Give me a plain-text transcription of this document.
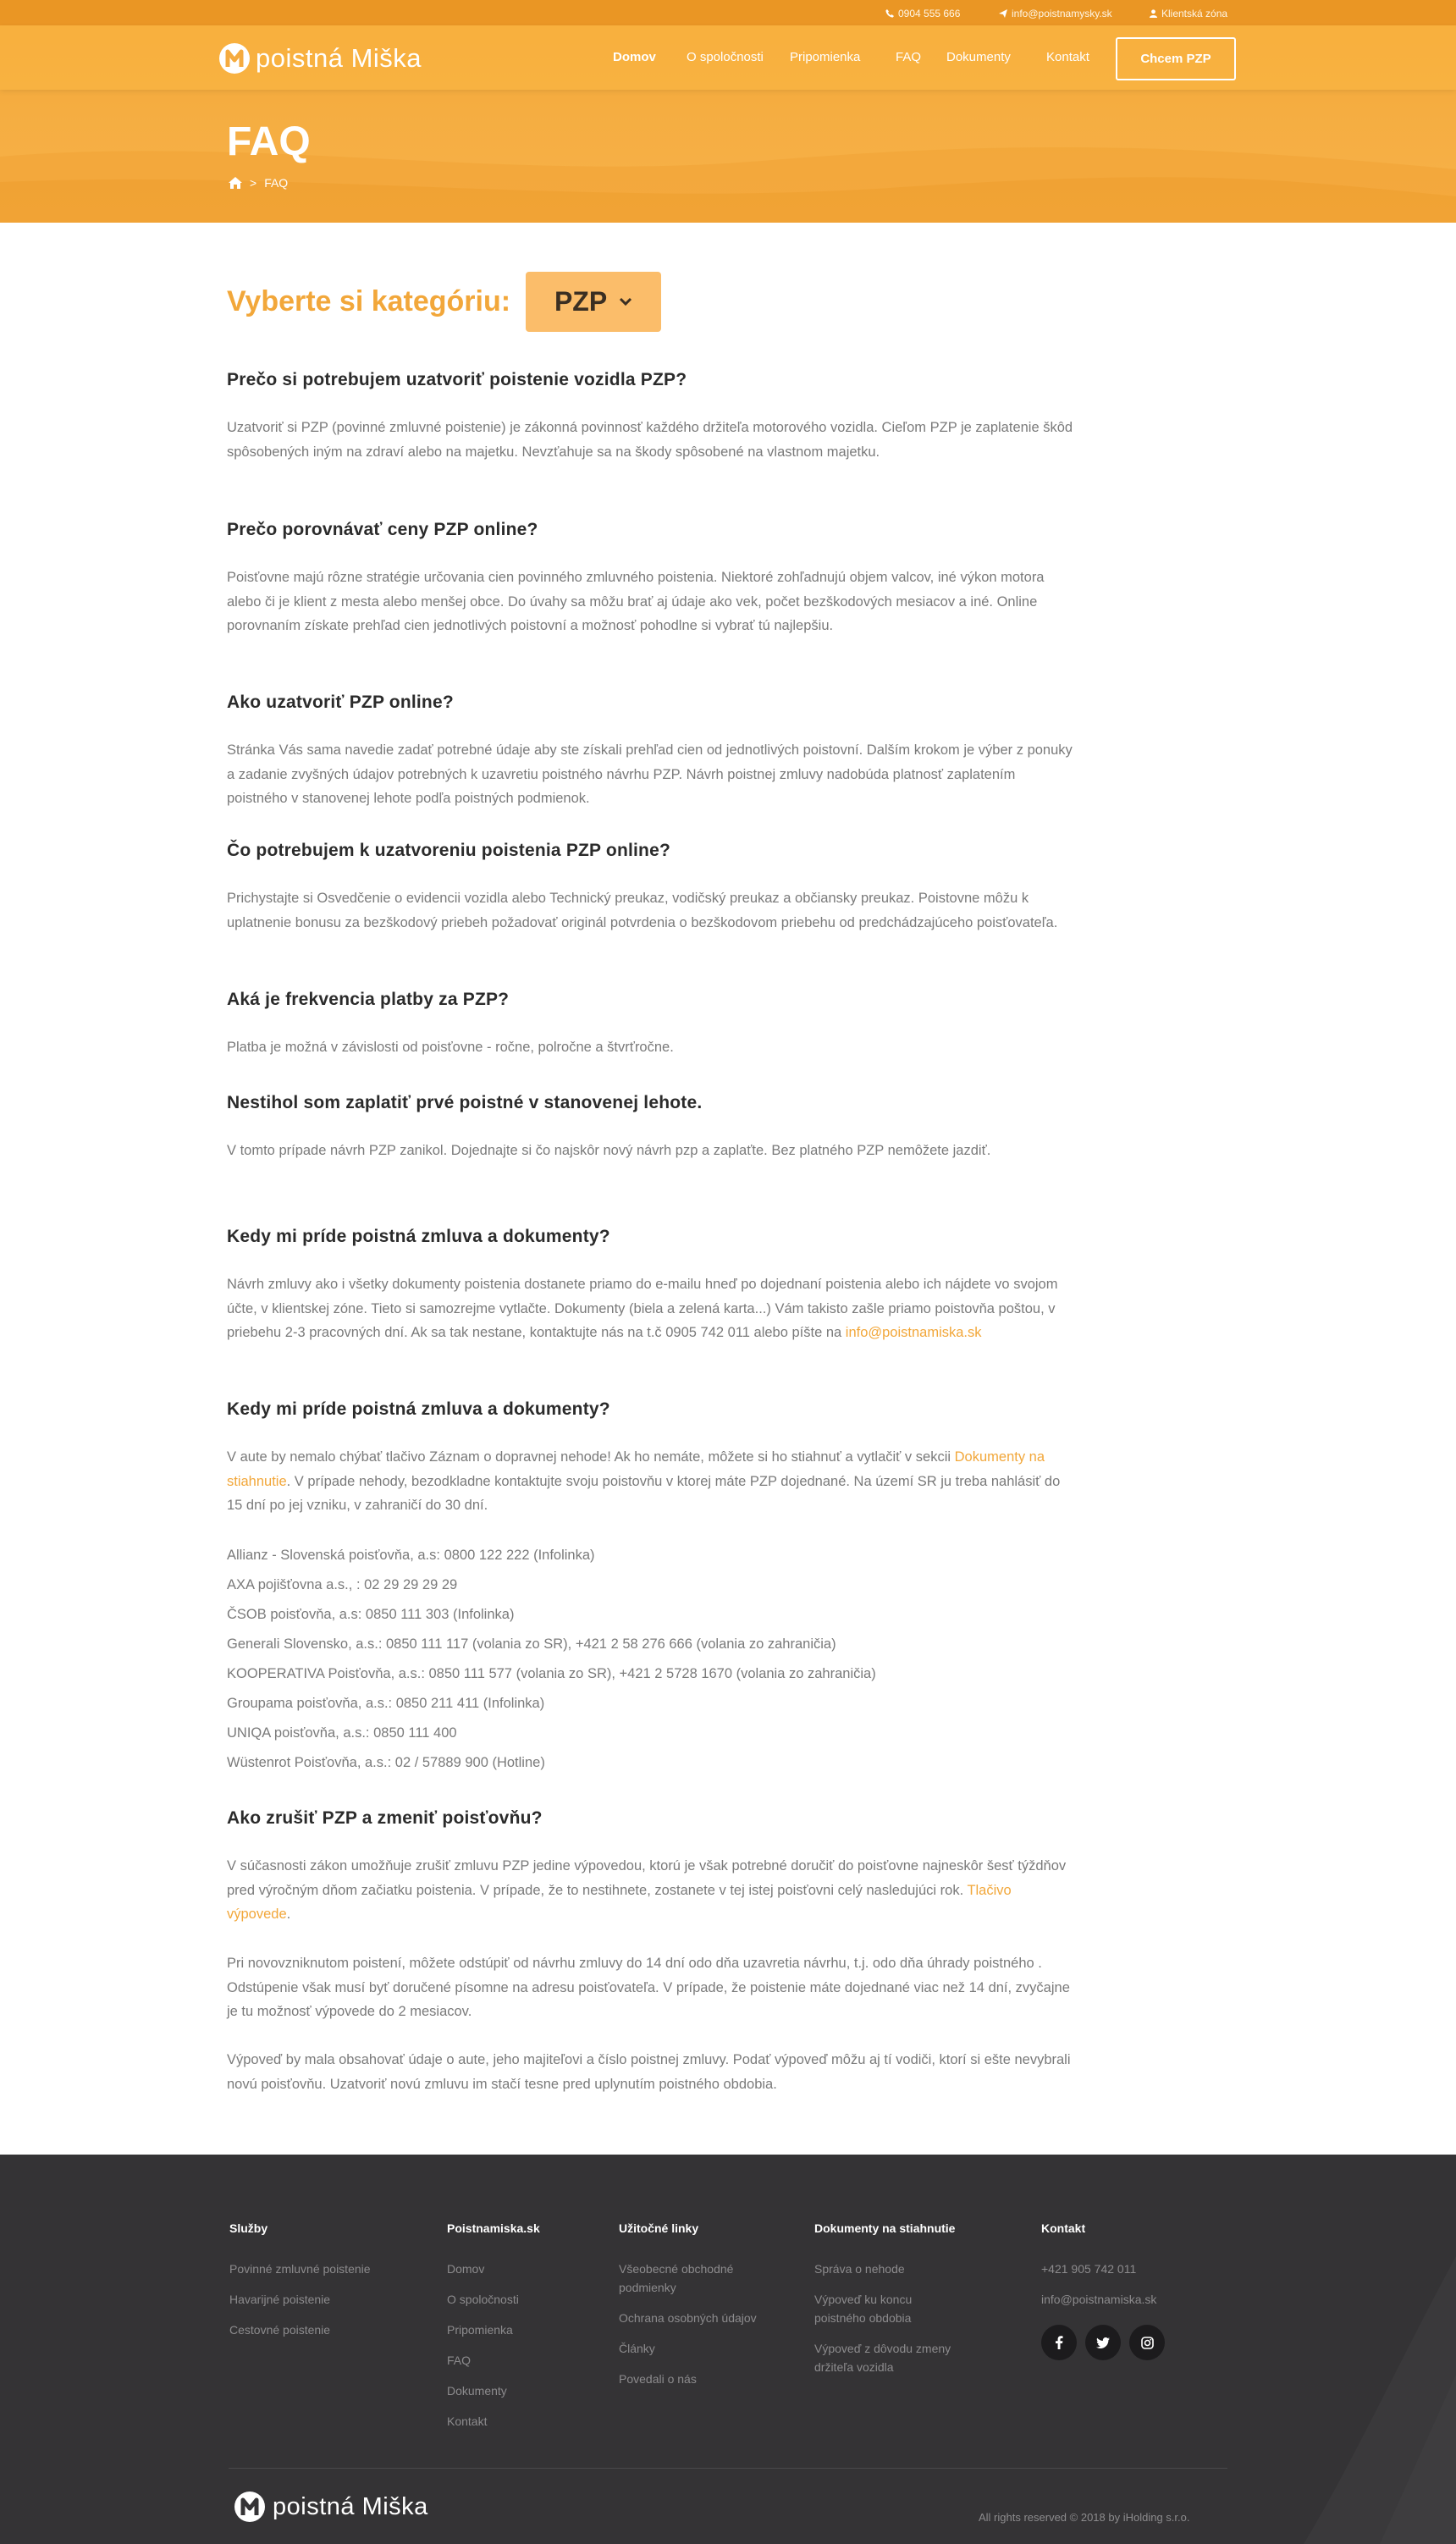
0904 555 666	info@poistnamysky.sk	Klientská zóna
poistná Miška	Domov O spoločnosti Pripomienka	FAQ Dokumenty	Kontakt	Chcem PZP
FAQ
> FAQ
Vyberte si kategóriu: PZP
Prečo si potrebujem uzatvoriť poistenie vozidla PZP?

Uzatvoriť si PZP (povinné zmluvné poistenie) je zákonná povinnosť každého držiteľa motorového vozidla. Cieľom PZP je zaplatenie škôd spôsobených iným na zdraví alebo na majetku. Nevzťahuje sa na škody spôsobené na vlastnom majetku.

Prečo porovnávať ceny PZP online?

Poisťovne majú rôzne stratégie určovania cien povinného zmluvného poistenia. Niektoré zohľadnujú objem valcov, iné výkon motora alebo či je klient z mesta alebo menšej obce. Do úvahy sa môžu brať aj údaje ako vek, počet bezškodových mesiacov a iné. Online porovnaním získate prehľad cien jednotlivých poistovní a možnosť pohodlne si vybrať tú najlepšiu.

Ako uzatvoriť PZP online?

Stránka Vás sama navedie zadať potrebné údaje aby ste získali prehľad cien od jednotlivých poistovní. Dalším krokom je výber z ponuky a zadanie zvyšných údajov potrebných k uzavretiu poistného návrhu PZP. Návrh poistnej zmluvy nadobúda platnosť zaplatením poistného v stanovenej lehote podľa poistných podmienok.

Čo potrebujem k uzatvoreniu poistenia PZP online?

Prichystajte si Osvedčenie o evidencii vozidla alebo Technický preukaz, vodičský preukaz a občiansky preukaz. Poistovne môžu k uplatnenie bonusu za bezškodový priebeh požadovať originál potvrdenia o bezškodovom priebehu od predchádzajúceho poisťovateľa.

Aká je frekvencia platby za PZP?

Platba je možná v závislosti od poisťovne - ročne, polročne a štvrťročne.

Nestihol som zaplatiť prvé poistné v stanovenej lehote.

V tomto prípade návrh PZP zanikol. Dojednajte si čo najskôr nový návrh pzp a zaplaťte. Bez platného PZP nemôžete jazdiť.

Kedy mi príde poistná zmluva a dokumenty?

Návrh zmluvy ako i všetky dokumenty poistenia dostanete priamo do e-mailu hneď po dojednaní poistenia alebo ich nájdete vo svojom účte, v klientskej zóne. Tieto si samozrejme vytlačte. Dokumenty (biela a zelená karta...) Vám takisto zašle priamo poistovňa poštou, v priebehu 2-3 pracovných dní. Ak sa tak nestane, kontaktujte nás na t.č 0905 742 011 alebo píšte na info@poistnamiska.sk

Kedy mi príde poistná zmluva a dokumenty?

V aute by nemalo chýbať tlačivo Záznam o dopravnej nehode! Ak ho nemáte, môžete si ho stiahnuť a vytlačiť v sekcii Dokumenty na stiahnutie. V prípade nehody, bezodkladne kontaktujte svoju poistovňu v ktorej máte PZP dojednané. Na území SR ju treba nahlásiť do 15 dní po jej vzniku, v zahraničí do 30 dní.

Allianz - Slovenská poisťovňa, a.s: 0800 122 222 (Infolinka)
AXA pojišťovna a.s., : 02 29 29 29 29
ČSOB poisťovňa, a.s: 0850 111 303 (Infolinka)
Generali Slovensko, a.s.: 0850 111 117 (volania zo SR), +421 2 58 276 666 (volania zo zahraničia)
KOOPERATIVA Poisťovňa, a.s.: 0850 111 577 (volania zo SR), +421 2 5728 1670 (volania zo zahraničia)
Groupama poisťovňa, a.s.: 0850 211 411 (Infolinka)
UNIQA poisťovňa, a.s.: 0850 111 400
Wüstenrot Poisťovňa, a.s.: 02 / 57889 900 (Hotline)
Ako zrušiť PZP a zmeniť poisťovňu?

V súčasnosti zákon umožňuje zrušiť zmluvu PZP jedine výpovedou, ktorú je však potrebné doručiť do poisťovne najneskôr šesť týždňov pred výročným dňom začiatku poistenia. V prípade, že to nestihnete, zostanete v tej istej poisťovni celý nasledujúci rok. Tlačivo výpovede.

Pri novovzniknutom poistení, môžete odstúpiť od návrhu zmluvy do 14 dní odo dňa uzavretia návrhu, t.j. odo dňa úhrady poistného . Odstúpenie však musí byť doručené písomne na adresu poisťovateľa. V prípade, že poistenie máte dojednané viac než 14 dní, zvyčajne je tu možnosť výpovede do 2 mesiacov.

Výpoveď by mala obsahovať údaje o aute, jeho majiteľovi a číslo poistnej zmluvy. Podať výpoveď môžu aj tí vodiči, ktorí si ešte nevybrali novú poisťovňu. Uzatvoriť novú zmluvu im stačí tesne pred uplynutím poistného obdobia.

Služby
Povinné zmluvné poistenie
Havarijné poistenie
Cestovné poistenie
Poistnamiska.sk
Domov
O spoločnosti
Pripomienka
FAQ
Dokumenty
Kontakt
Užitočné linky
Všeobecné obchodné podmienky
Ochrana osobných údajov
Články
Povedali o nás
Dokumenty na stiahnutie
Správa o nehode
Výpoveď ku koncu poistného obdobia
Výpoveď z dôvodu zmeny držiteľa vozidla
Kontakt
+421 905 742 011
info@poistnamiska.sk
poistná Miška	All rights reserved © 2018 by iHolding s.r.o.
